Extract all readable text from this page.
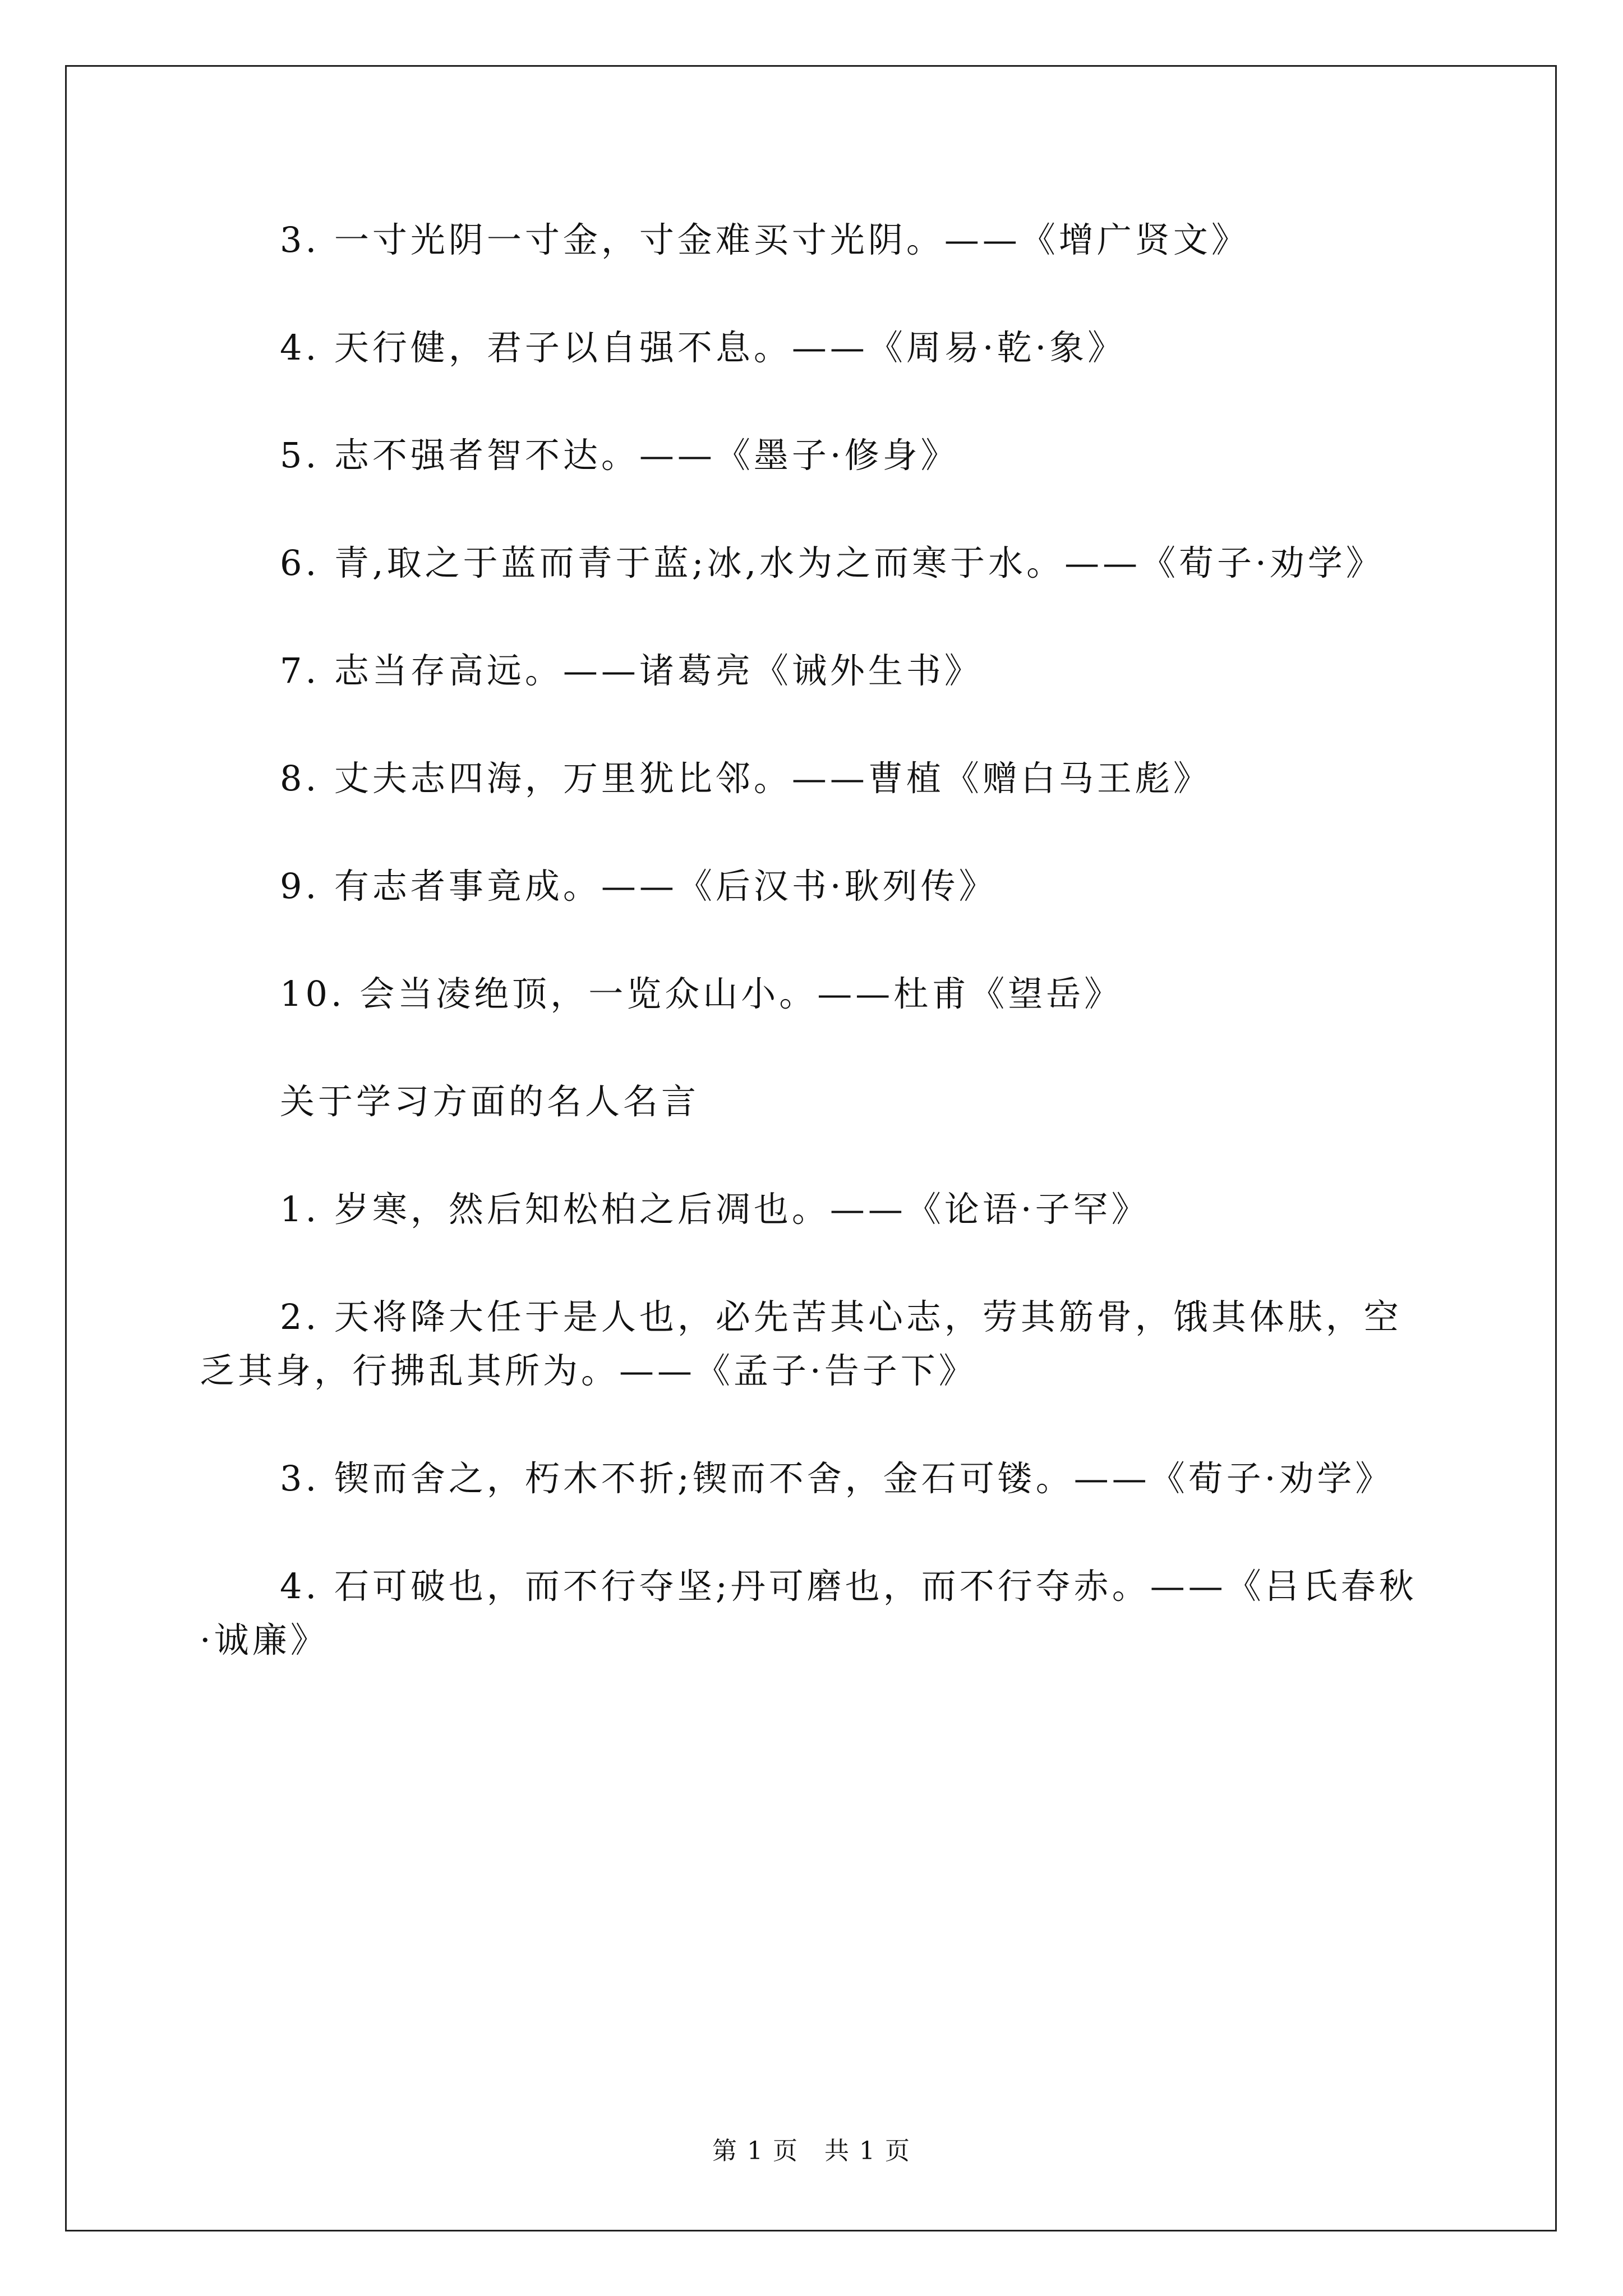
3. 一寸光阴一寸金，寸金难买寸光阴。——《增广贤文》

4. 天行健，君子以自强不息。——《周易·乾·象》

5. 志不强者智不达。——《墨子·修身》

6. 青,取之于蓝而青于蓝;冰,水为之而寒于水。——《荀子·劝学》

7. 志当存高远。——诸葛亮《诫外生书》

8. 丈夫志四海，万里犹比邻。——曹植《赠白马王彪》

9. 有志者事竟成。——《后汉书·耿列传》

10. 会当凌绝顶，一览众山小。——杜甫《望岳》

关于学习方面的名人名言

1. 岁寒，然后知松柏之后凋也。——《论语·子罕》

2. 天将降大任于是人也，必先苦其心志，劳其筋骨，饿其体肤，空乏其身，行拂乱其所为。——《孟子·告子下》

3. 锲而舍之，朽木不折;锲而不舍，金石可镂。——《荀子·劝学》

4. 石可破也，而不行夺坚;丹可磨也，而不行夺赤。——《吕氏春秋·诚廉》

第 1 页　共 1 页
